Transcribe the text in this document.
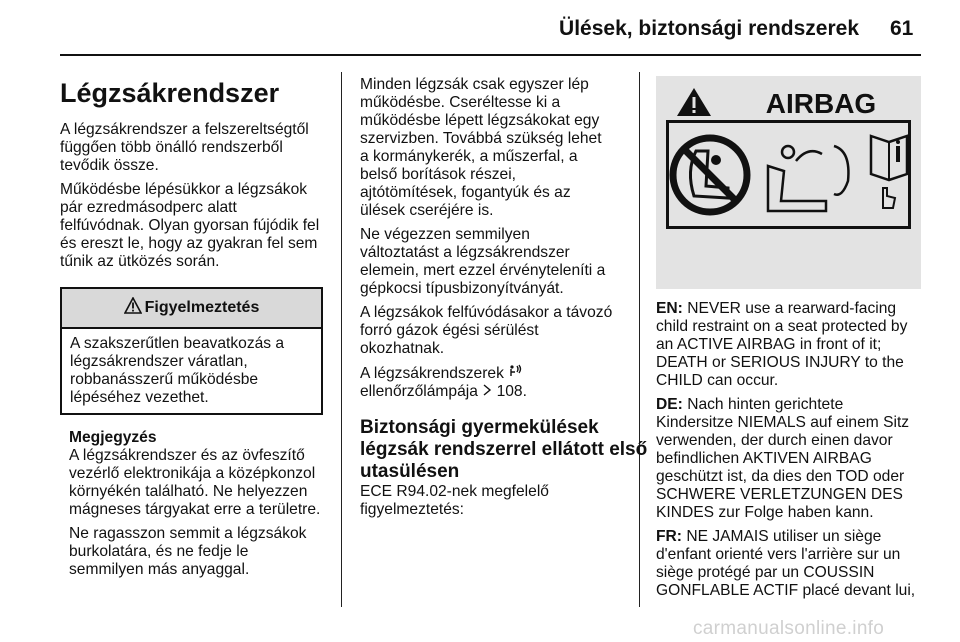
Ülések, biztonsági rendszerek 61
Légzsákrendszer

A légzsákrendszer a felszereltségtől
függően több önálló rendszerből
tevődik össze.

Működésbe lépésükkor a légzsákok
pár ezredmásodperc alatt
felfúvódnak. Olyan gyorsan fújódik fel
és ereszt le, hogy az gyakran fel sem
tűnik az ütközés során.

Figyelmeztetés
A szakszerűtlen beavatkozás a
légzsákrendszer váratlan,
robbanásszerű működésbe
lépéséhez vezethet.

Megjegyzés
A légzsákrendszer és az övfeszítő
vezérlő elektronikája a középkonzol
környékén található. Ne helyezzen
mágneses tárgyakat erre a területre.

Ne ragasszon semmit a légzsákok
burkolatára, és ne fedje le
semmilyen más anyaggal.

Minden légzsák csak egyszer lép
működésbe. Cseréltesse ki a
működésbe lépett légzsákokat egy
szervizben. Továbbá szükség lehet
a kormánykerék, a műszerfal, a
belső borítások részei,
ajtótömítések, fogantyúk és az
ülések cseréjére is.

Ne végezzen semmilyen
változtatást a légzsákrendszer
elemein, mert ezzel érvényteleníti a
gépkocsi típusbizonyítványát.

A légzsákok felfúvódásakor a távozó
forró gázok égési sérülést
okozhatnak.

A légzsákrendszerek
ellenőrzőlámpája 108.

Biztonsági gyermekülések
légzsák rendszerrel ellátott első
utasülésen

ECE R94.02-nek megfelelő
figyelmeztetés:

AIRBAG

EN: NEVER use a rearward-facing
child restraint on a seat protected by
an ACTIVE AIRBAG in front of it;
DEATH or SERIOUS INJURY to the
CHILD can occur.

DE: Nach hinten gerichtete
Kindersitze NIEMALS auf einem Sitz
verwenden, der durch einen davor
befindlichen AKTIVEN AIRBAG
geschützt ist, da dies den TOD oder
SCHWERE VERLETZUNGEN DES
KINDES zur Folge haben kann.

FR: NE JAMAIS utiliser un siège
d'enfant orienté vers l'arrière sur un
siège protégé par un COUSSIN
GONFLABLE ACTIF placé devant lui,

carmanualsonline.info
